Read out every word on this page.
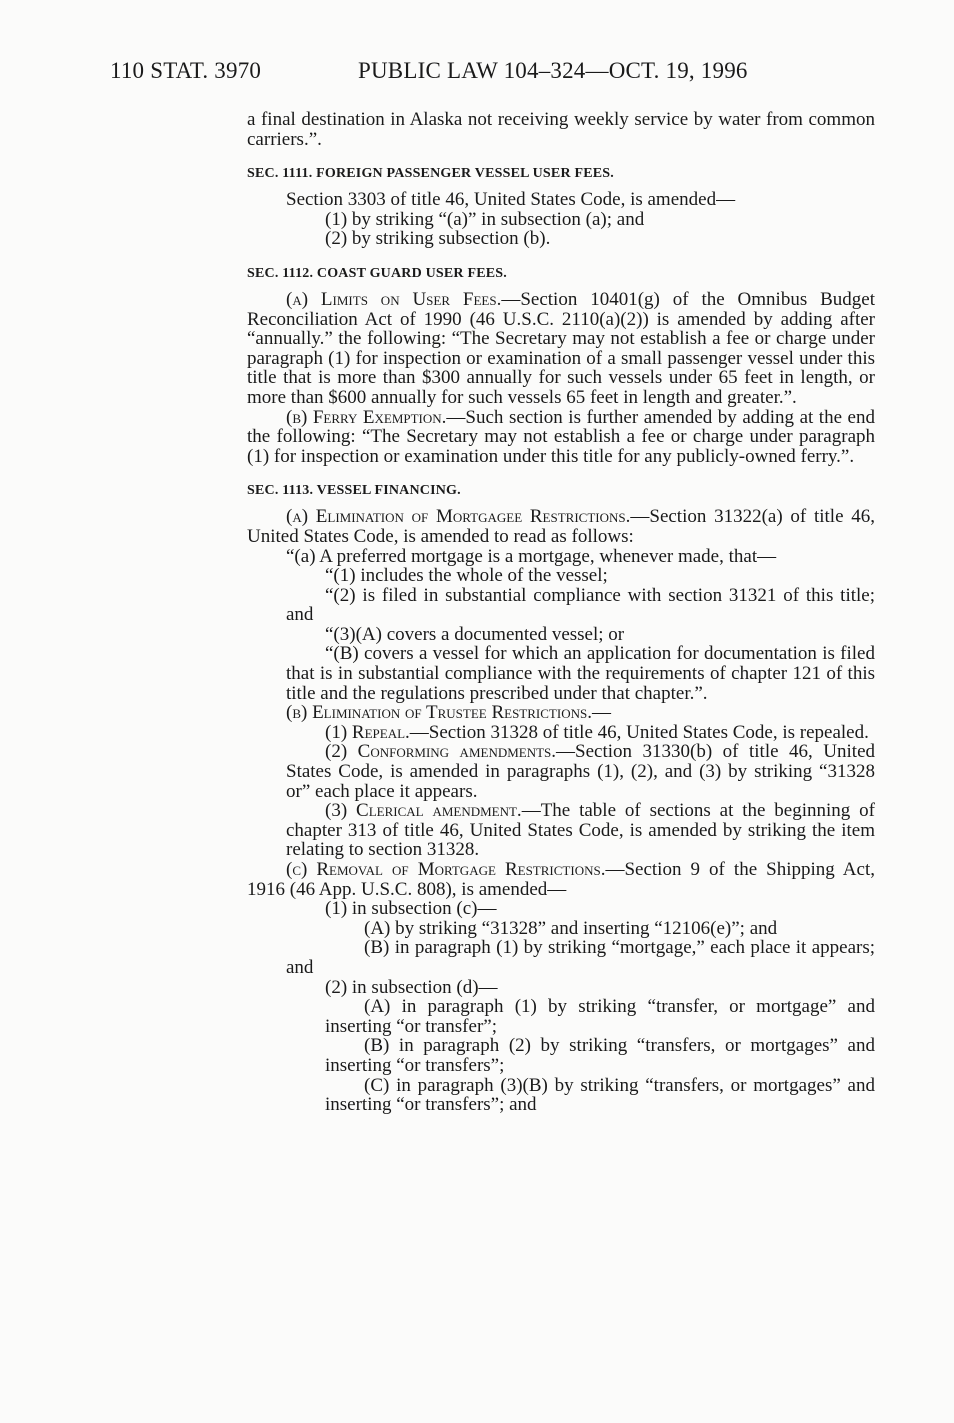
110 STAT. 3970	PUBLIC LAW 104–324—OCT. 19, 1996

a final destination in Alaska not receiving weekly service by water from common carriers.”.

SEC. 1111. FOREIGN PASSENGER VESSEL USER FEES.

Section 3303 of title 46, United States Code, is amended—

(1) by striking “(a)” in subsection (a); and

(2) by striking subsection (b).

SEC. 1112. COAST GUARD USER FEES.

(a) Limits on User Fees.—Section 10401(g) of the Omnibus Budget Reconciliation Act of 1990 (46 U.S.C. 2110(a)(2)) is amended by adding after “annually.” the following: “The Secretary may not establish a fee or charge under paragraph (1) for inspection or examination of a small passenger vessel under this title that is more than $300 annually for such vessels under 65 feet in length, or more than $600 annually for such vessels 65 feet in length and greater.”.

(b) Ferry Exemption.—Such section is further amended by adding at the end the following: “The Secretary may not establish a fee or charge under paragraph (1) for inspection or examination under this title for any publicly-owned ferry.”.

SEC. 1113. VESSEL FINANCING.

(a) Elimination of Mortgagee Restrictions.—Section 31322(a) of title 46, United States Code, is amended to read as follows:

“(a) A preferred mortgage is a mortgage, whenever made, that—

“(1) includes the whole of the vessel;

“(2) is filed in substantial compliance with section 31321 of this title; and

“(3)(A) covers a documented vessel; or

“(B) covers a vessel for which an application for documentation is filed that is in substantial compliance with the requirements of chapter 121 of this title and the regulations prescribed under that chapter.”.

(b) Elimination of Trustee Restrictions.—

(1) Repeal.—Section 31328 of title 46, United States Code, is repealed.

(2) Conforming amendments.—Section 31330(b) of title 46, United States Code, is amended in paragraphs (1), (2), and (3) by striking “31328 or” each place it appears.

(3) Clerical amendment.—The table of sections at the beginning of chapter 313 of title 46, United States Code, is amended by striking the item relating to section 31328.

(c) Removal of Mortgage Restrictions.—Section 9 of the Shipping Act, 1916 (46 App. U.S.C. 808), is amended—

(1) in subsection (c)—

(A) by striking “31328” and inserting “12106(e)”; and

(B) in paragraph (1) by striking “mortgage,” each place it appears; and

(2) in subsection (d)—

(A) in paragraph (1) by striking “transfer, or mortgage” and inserting “or transfer”;

(B) in paragraph (2) by striking “transfers, or mortgages” and inserting “or transfers”;

(C) in paragraph (3)(B) by striking “transfers, or mortgages” and inserting “or transfers”; and
